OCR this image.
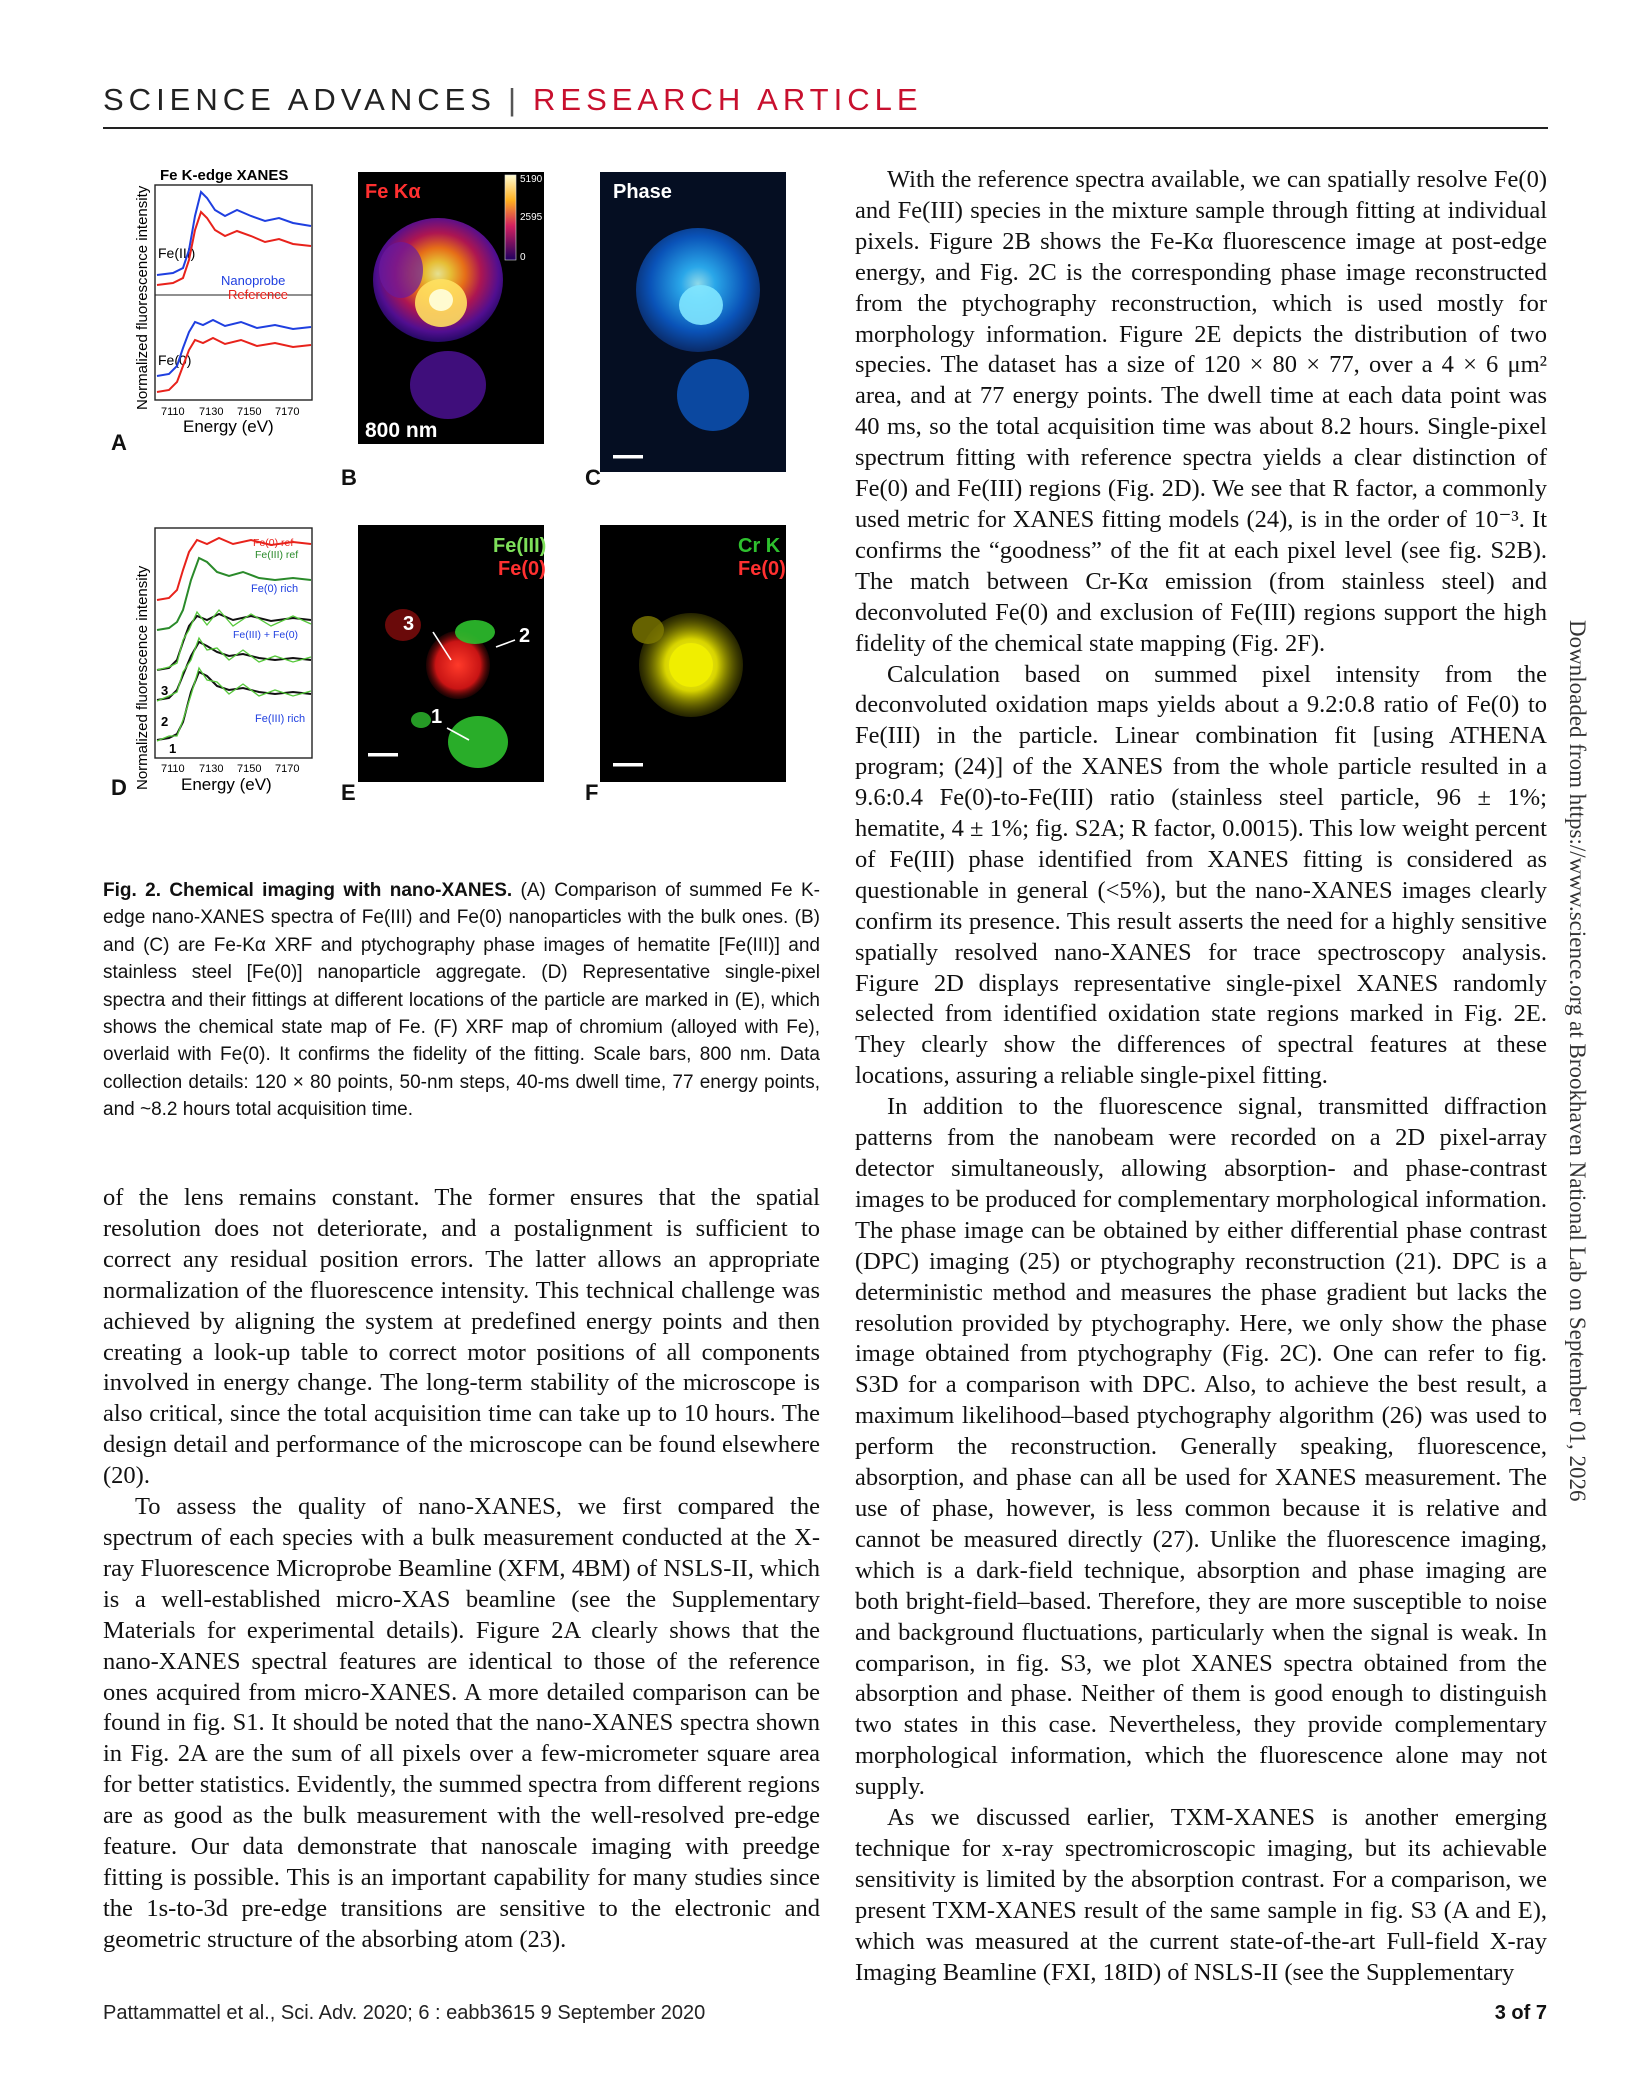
SCIENCE ADVANCES | RESEARCH ARTICLE
Fe K-edge XANES
Normalized fluorescence intensity Fe(III)
Fe(0)
Nanoprobe
Reference
7110 7130 7150 7170
Energy (eV)
A
Fe Kα
5190
2595
0
800 nm
B
Phase
C
Normalized fluorescence intensity
Fe(0) ref
Fe(III) ref
Fe(0) rich
Fe(III) + Fe(0)
Fe(III) rich
3
2
1
7110 7130 7150 7170
Energy (eV)
D
Fe(III)
Fe(0)
3
2
1
E
Cr K
Fe(0)
F
Fig. 2. Chemical imaging with nano-XANES. (A) Comparison of summed Fe K-edge nano-XANES spectra of Fe(III) and Fe(0) nanoparticles with the bulk ones. (B) and (C) are Fe-Kα XRF and ptychography phase images of hematite [Fe(III)] and stainless steel [Fe(0)] nanoparticle aggregate. (D) Representative single-pixel spectra and their fittings at different locations of the particle are marked in (E), which shows the chemical state map of Fe. (F) XRF map of chromium (alloyed with Fe), overlaid with Fe(0). It confirms the fidelity of the fitting. Scale bars, 800 nm. Data collection details: 120 × 80 points, 50-nm steps, 40-ms dwell time, 77 energy points, and ~8.2 hours total acquisition time.

of the lens remains constant. The former ensures that the spatial resolution does not deteriorate, and a postalignment is sufficient to correct any residual position errors. The latter allows an appropriate normalization of the fluorescence intensity. This technical challenge was achieved by aligning the system at predefined energy points and then creating a look-up table to correct motor positions of all components involved in energy change. The long-term stability of the microscope is also critical, since the total acquisition time can take up to 10 hours. The design detail and performance of the microscope can be found elsewhere (20).

To assess the quality of nano-XANES, we first compared the spectrum of each species with a bulk measurement conducted at the X-ray Fluorescence Microprobe Beamline (XFM, 4BM) of NSLS-II, which is a well-established micro-XAS beamline (see the Supplementary Materials for experimental details). Figure 2A clearly shows that the nano-XANES spectral features are identical to those of the reference ones acquired from micro-XANES. A more detailed comparison can be found in fig. S1. It should be noted that the nano-XANES spectra shown in Fig. 2A are the sum of all pixels over a few-micrometer square area for better statistics. Evidently, the summed spectra from different regions are as good as the bulk measurement with the well-resolved pre-edge feature. Our data demonstrate that nanoscale imaging with preedge fitting is possible. This is an important capability for many studies since the 1s-to-3d pre-edge transitions are sensitive to the electronic and geometric structure of the absorbing atom (23).

With the reference spectra available, we can spatially resolve Fe(0) and Fe(III) species in the mixture sample through fitting at individual pixels. Figure 2B shows the Fe-Kα fluorescence image at post-edge energy, and Fig. 2C is the corresponding phase image reconstructed from the ptychography reconstruction, which is used mostly for morphology information. Figure 2E depicts the distribution of two species. The dataset has a size of 120 × 80 × 77, over a 4 × 6 μm² area, and at 77 energy points. The dwell time at each data point was 40 ms, so the total acquisition time was about 8.2 hours. Single-pixel spectrum fitting with reference spectra yields a clear distinction of Fe(0) and Fe(III) regions (Fig. 2D). We see that R factor, a commonly used metric for XANES fitting models (24), is in the order of 10⁻³. It confirms the “goodness” of the fit at each pixel level (see fig. S2B). The match between Cr-Kα emission (from stainless steel) and deconvoluted Fe(0) and exclusion of Fe(III) regions support the high fidelity of the chemical state mapping (Fig. 2F).

Calculation based on summed pixel intensity from the deconvoluted oxidation maps yields about a 9.2:0.8 ratio of Fe(0) to Fe(III) in the particle. Linear combination fit [using ATHENA program; (24)] of the XANES from the whole particle resulted in a 9.6:0.4 Fe(0)-to-Fe(III) ratio (stainless steel particle, 96 ± 1%; hematite, 4 ± 1%; fig. S2A; R factor, 0.0015). This low weight percent of Fe(III) phase identified from XANES fitting is considered as questionable in general (<5%), but the nano-XANES images clearly confirm its presence. This result asserts the need for a highly sensitive spatially resolved nano-XANES for trace spectroscopy analysis. Figure 2D displays representative single-pixel XANES randomly selected from identified oxidation state regions marked in Fig. 2E. They clearly show the differences of spectral features at these locations, assuring a reliable single-pixel fitting.

In addition to the fluorescence signal, transmitted diffraction patterns from the nanobeam were recorded on a 2D pixel-array detector simultaneously, allowing absorption- and phase-contrast images to be produced for complementary morphological information. The phase image can be obtained by either differential phase contrast (DPC) imaging (25) or ptychography reconstruction (21). DPC is a deterministic method and measures the phase gradient but lacks the resolution provided by ptychography. Here, we only show the phase image obtained from ptychography (Fig. 2C). One can refer to fig. S3D for a comparison with DPC. Also, to achieve the best result, a maximum likelihood–based ptychography algorithm (26) was used to perform the reconstruction. Generally speaking, fluorescence, absorption, and phase can all be used for XANES measurement. The use of phase, however, is less common because it is relative and cannot be measured directly (27). Unlike the fluorescence imaging, which is a dark-field technique, absorption and phase imaging are both bright-field–based. Therefore, they are more susceptible to noise and background fluctuations, particularly when the signal is weak. In comparison, in fig. S3, we plot XANES spectra obtained from the absorption and phase. Neither of them is good enough to distinguish two states in this case. Nevertheless, they provide complementary morphological information, which the fluorescence alone may not supply.

As we discussed earlier, TXM-XANES is another emerging technique for x-ray spectromicroscopic imaging, but its achievable sensitivity is limited by the absorption contrast. For a comparison, we present TXM-XANES result of the same sample in fig. S3 (A and E), which was measured at the current state-of-the-art Full-field X-ray Imaging Beamline (FXI, 18ID) of NSLS-II (see the Supplementary

Downloaded from https://www.science.org at Brookhaven National Lab on September 01, 2026
Pattammattel et al., Sci. Adv. 2020; 6 : eabb3615 9 September 2020	3 of 7
